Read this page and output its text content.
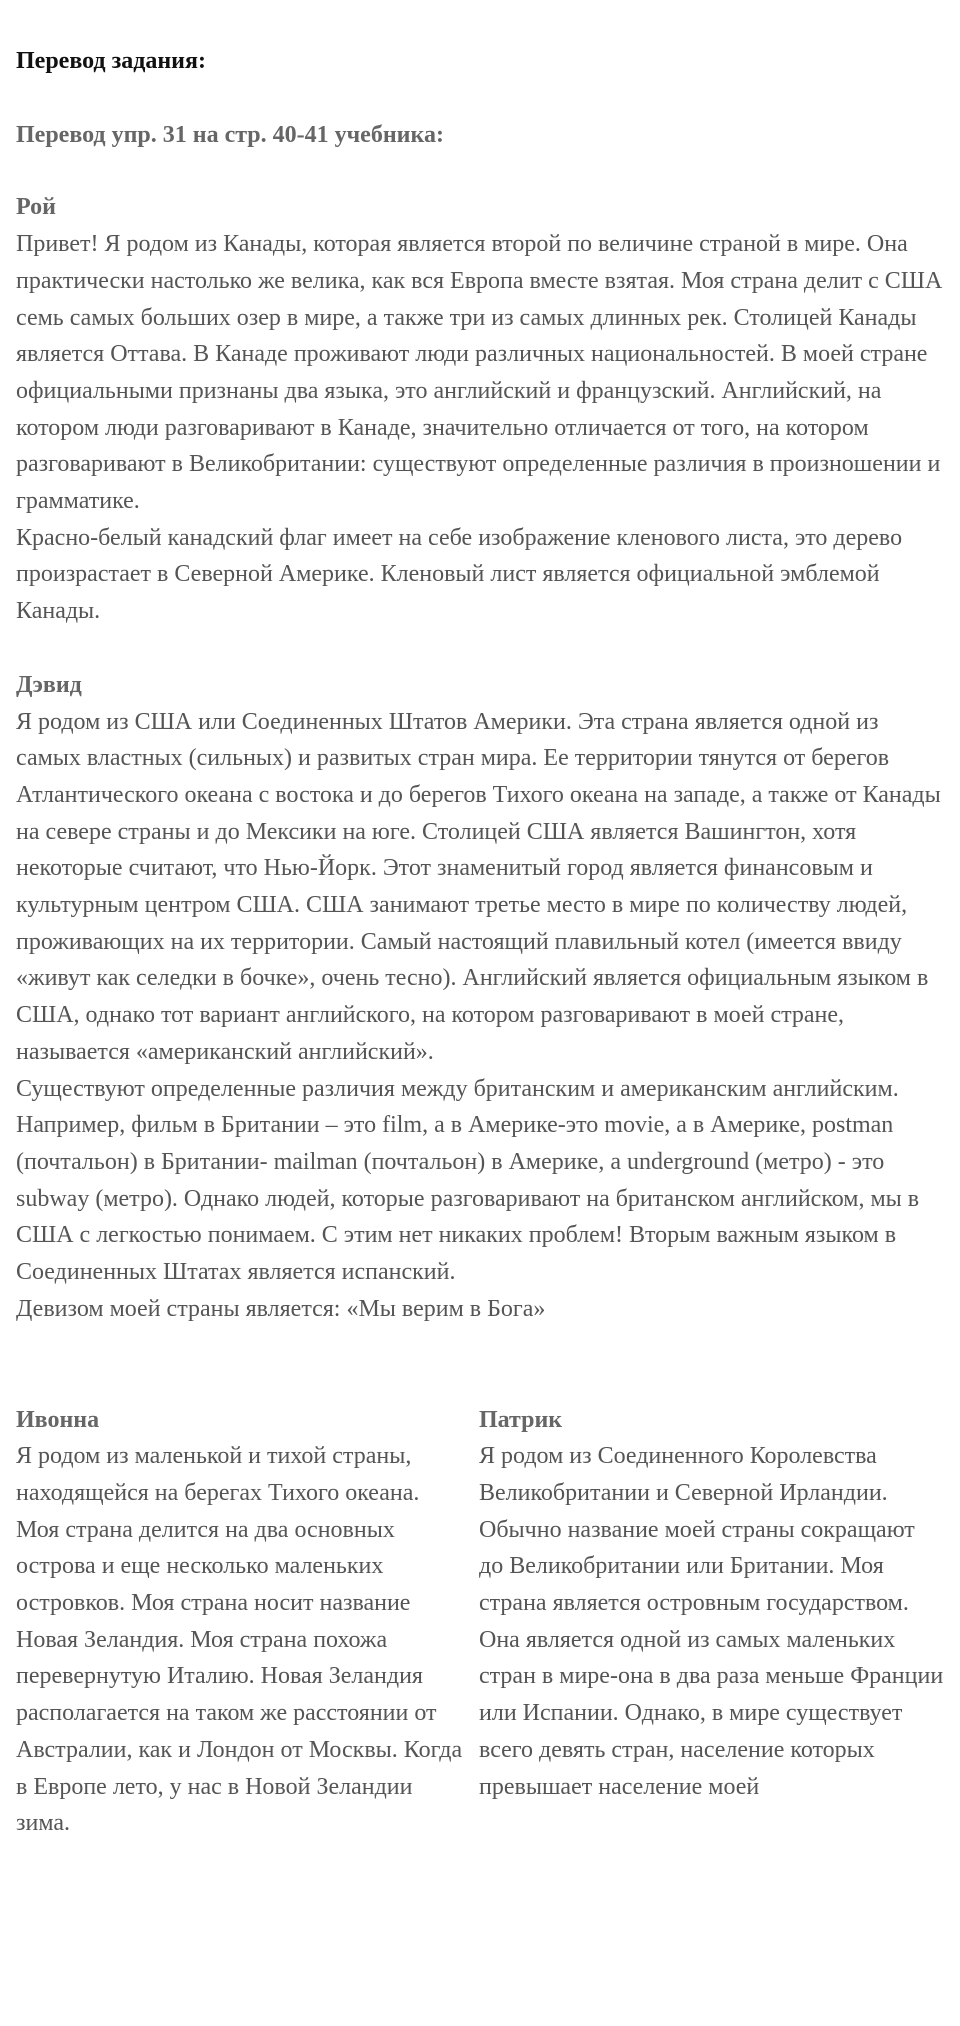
Перевод задания:
Перевод упр. 31 на стр. 40-41 учебника:
Рой

Привет! Я родом из Канады, которая является второй по величине страной в мире. Она практически настолько же велика, как вся Европа вместе взятая. Моя страна делит с США семь самых больших озер в мире, а также три из самых длинных рек. Столицей Канады является Оттава. В Канаде проживают люди различных национальностей. В моей стране официальными признаны два языка, это английский и французский. Английский, на котором люди разговаривают в Канаде, значительно отличается от того, на котором разговаривают в Великобритании: существуют определенные различия в произношении и грамматике.

Красно-белый канадский флаг имеет на себе изображение кленового листа, это дерево произрастает в Северной Америке. Кленовый лист является официальной эмблемой Канады.

Дэвид

Я родом из США или Соединенных Штатов Америки. Эта страна является одной из самых властных (сильных) и развитых стран мира. Ее территории тянутся от берегов Атлантического океана с востока и до берегов Тихого океана на западе, а также от Канады на севере страны и до Мексики на юге. Столицей США является Вашингтон, хотя некоторые считают, что Нью-Йорк. Этот знаменитый город является финансовым и культурным центром США. США занимают третье место в мире по количеству людей, проживающих на их территории. Самый настоящий плавильный котел (имеется ввиду «живут как селедки в бочке», очень тесно). Английский является официальным языком в США, однако тот вариант английского, на котором разговаривают в моей стране, называется «американский английский».

Существуют определенные различия между британским и американским английским. Например, фильм в Британии – это film, а в Америке-это movie, а в Америке, postman (почтальон) в Британии- mailman (почтальон) в Америке, a underground (метро) - это subway (метро). Однако людей, которые разговаривают на британском английском, мы в США с легкостью понимаем. С этим нет никаких проблем! Вторым важным языком в Соединенных Штатах является испанский.

Девизом моей страны является: «Мы верим в Бога»

Ивонна

Я родом из маленькой и тихой страны, находящейся на берегах Тихого океана. Моя страна делится на два основных острова и еще несколько маленьких островков. Моя страна носит название Новая Зеландия. Моя страна похожа перевернутую Италию. Новая Зеландия располагается на таком же расстоянии от Австралии, как и Лондон от Москвы. Когда в Европе лето, у нас в Новой Зеландии зима.

Патрик

Я родом из Соединенного Королевства Великобритании и Северной Ирландии. Обычно название моей страны сокращают до Великобритании или Британии. Моя страна является островным государством. Она является одной из самых маленьких стран в мире-она в два раза меньше Франции или Испании. Однако, в мире существует всего девять стран, население которых превышает население моей
